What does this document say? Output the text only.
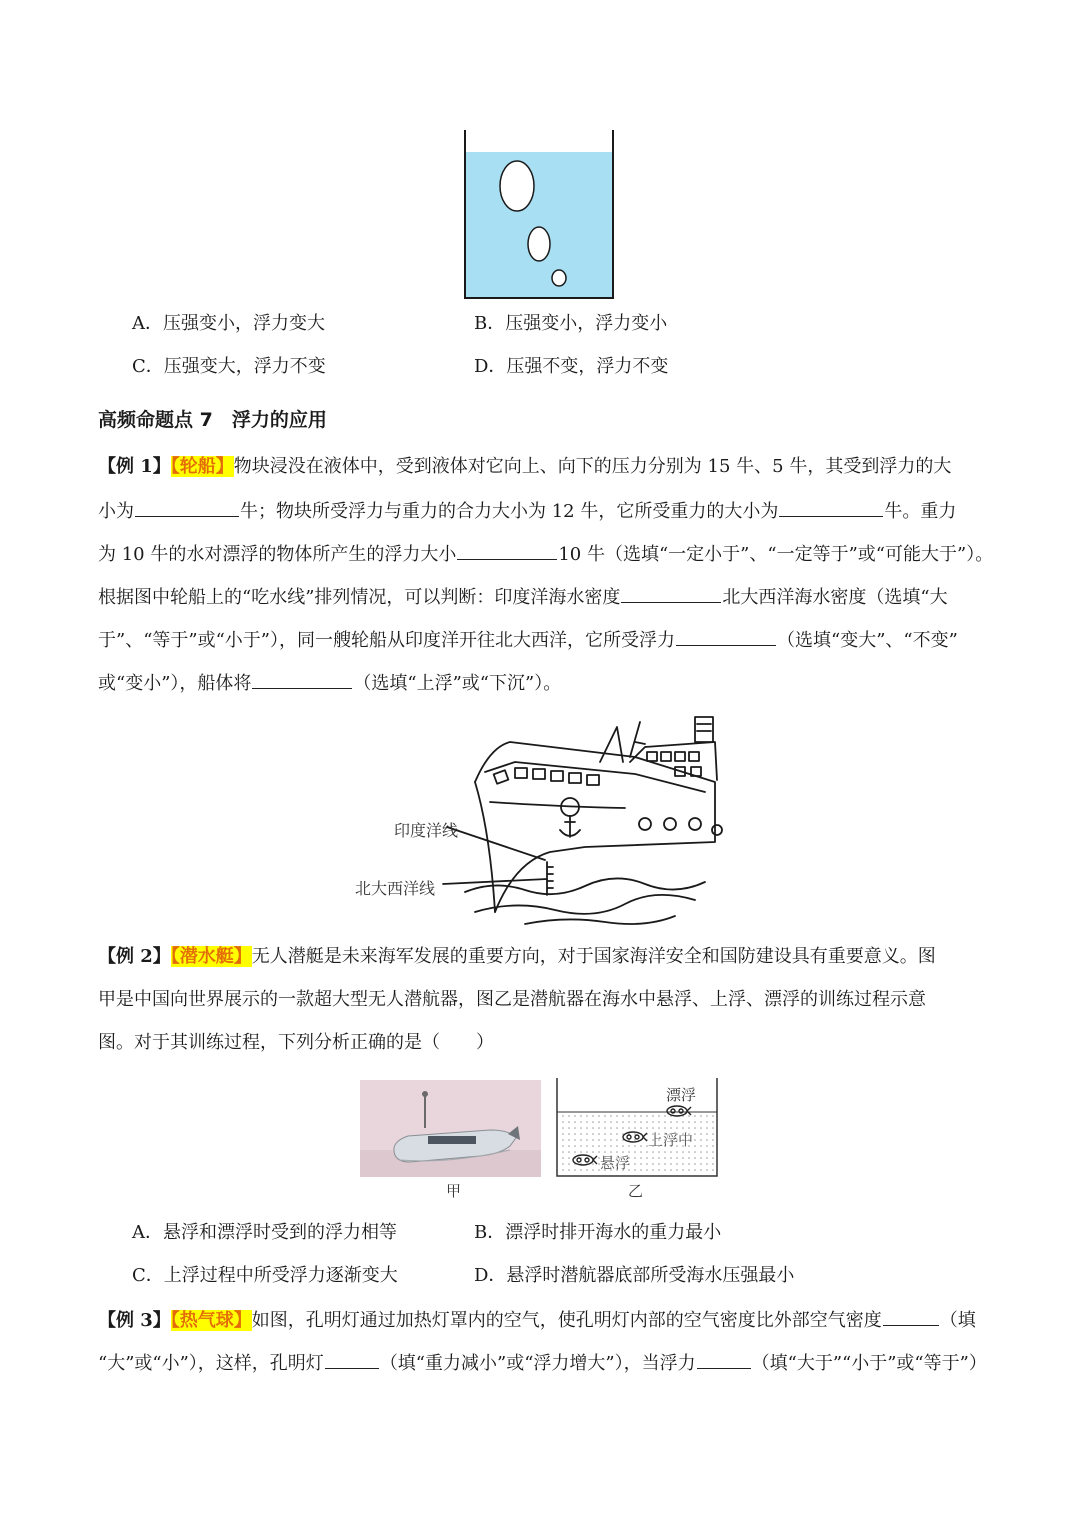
A．压强变小，浮力变大	B．压强变小，浮力变小
C．压强变大，浮力不变	D．压强不变，浮力不变
高频命题点 7　浮力的应用
【例 1】【轮船】物块浸没在液体中，受到液体对它向上、向下的压力分别为 15 牛、5 牛，其受到浮力的大
小为	牛；物块所受浮力与重力的合力大小为 12 牛，它所受重力的大小为	牛。重力
为 10 牛的水对漂浮的物体所产生的浮力大小	10 牛（选填“一定小于”、“一定等于”或“可能大于”）。
根据图中轮船上的“吃水线”排列情况，可以判断：印度洋海水密度	北大西洋海水密度（选填“大
于”、“等于”或“小于”），同一艘轮船从印度洋开往北大西洋，它所受浮力	（选填“变大”、“不变”
或“变小”），船体将	（选填“上浮”或“下沉”）。
印度洋线
北大西洋线
【例 2】【潜水艇】无人潜艇是未来海军发展的重要方向，对于国家海洋安全和国防建设具有重要意义。图
甲是中国向世界展示的一款超大型无人潜航器，图乙是潜航器在海水中悬浮、上浮、漂浮的训练过程示意
图。对于其训练过程，下列分析正确的是（　　）
漂浮
上浮中
悬浮
甲	乙
A．悬浮和漂浮时受到的浮力相等	B．漂浮时排开海水的重力最小
C．上浮过程中所受浮力逐渐变大	D．悬浮时潜航器底部所受海水压强最小
【例 3】【热气球】如图，孔明灯通过加热灯罩内的空气，使孔明灯内部的空气密度比外部空气密度	（填
“大”或“小”），这样，孔明灯	（填“重力减小”或“浮力增大”），当浮力	（填“大于”“小于”或“等于”）
